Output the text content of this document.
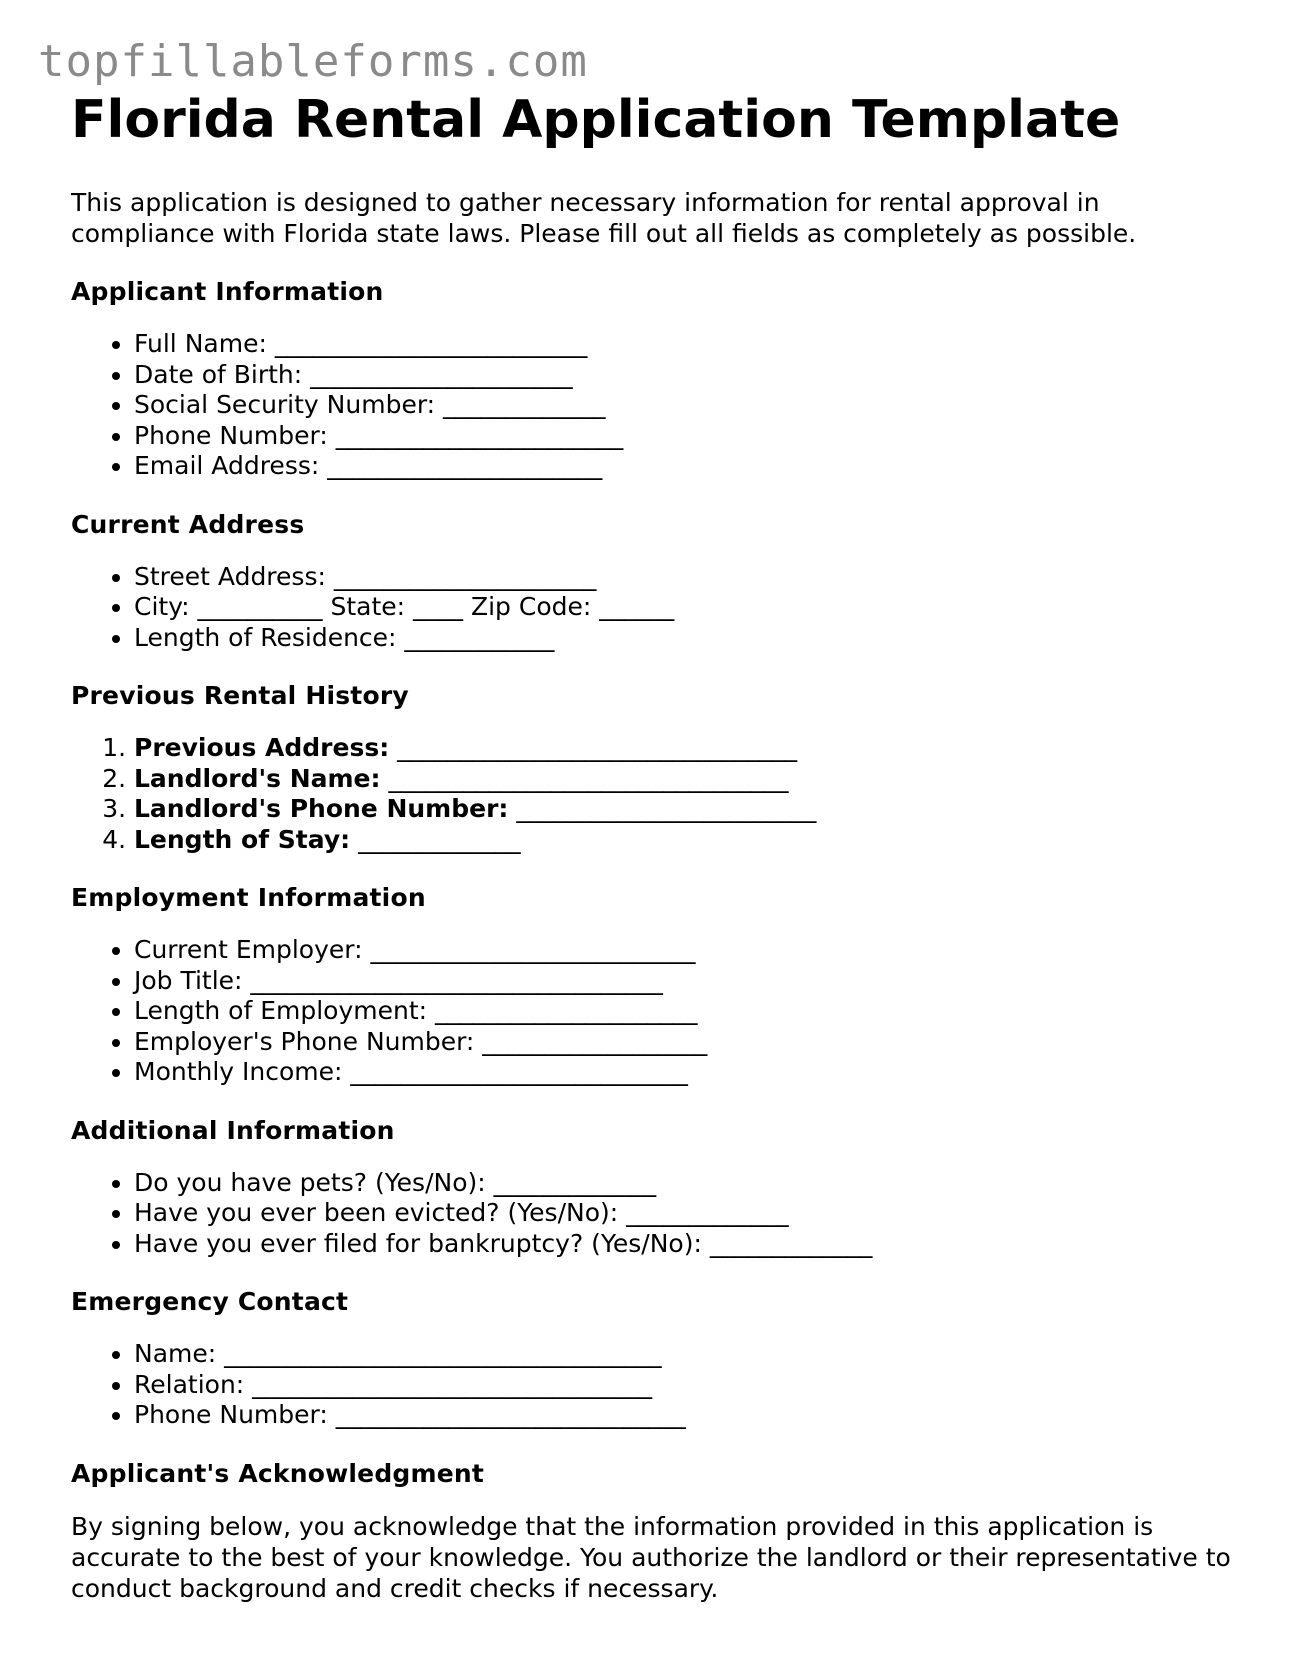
topfillableforms.com
Florida Rental Application Template

This application is designed to gather necessary information for rental approval in compliance with Florida state laws. Please fill out all fields as completely as possible.

Applicant Information
• Full Name: _________________________
• Date of Birth: _____________________
• Social Security Number: _____________
• Phone Number: _______________________
• Email Address: ______________________
Current Address
• Street Address: _____________________
• City: __________ State: ____ Zip Code: ______
• Length of Residence: ____________
Previous Rental History
1. Previous Address: ________________________________
2. Landlord's Name: ________________________________
3. Landlord's Phone Number: ________________________
4. Length of Stay: _____________
Employment Information
• Current Employer: __________________________
• Job Title: _________________________________
• Length of Employment: _____________________
• Employer's Phone Number: __________________
• Monthly Income: ___________________________
Additional Information
• Do you have pets? (Yes/No): _____________
• Have you ever been evicted? (Yes/No): _____________
• Have you ever filed for bankruptcy? (Yes/No): _____________
Emergency Contact
• Name: ___________________________________
• Relation: ________________________________
• Phone Number: ____________________________
Applicant's Acknowledgment

By signing below, you acknowledge that the information provided in this application is accurate to the best of your knowledge. You authorize the landlord or their representative to conduct background and credit checks if necessary.
